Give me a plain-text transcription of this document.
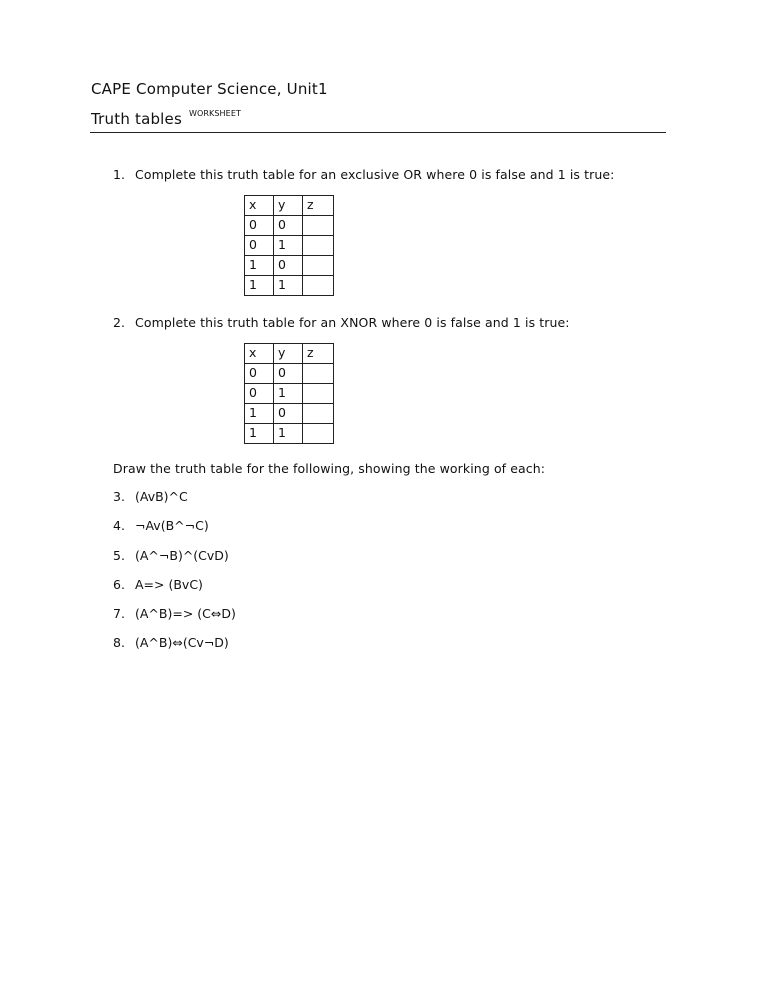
CAPE Computer Science, Unit1
Truth tables $^{WORKSHEET}$
1. Complete this truth table for an exclusive OR where 0 is false and 1 is true:
x	y	z
0	0	
0	1	
1	0	
1	1	
2. Complete this truth table for an XNOR where 0 is false and 1 is true:
x	y	z
0	0	
0	1	
1	0	
1	1	
Draw the truth table for the following, showing the working of each:
3. (AvB)^C
4. ¬Av(B^¬C)
5. (A^¬B)^(CvD)
6. A=> (BvC)
7. (A^B)=> (C⇔D)
8. (A^B)⇔(Cv¬D)
